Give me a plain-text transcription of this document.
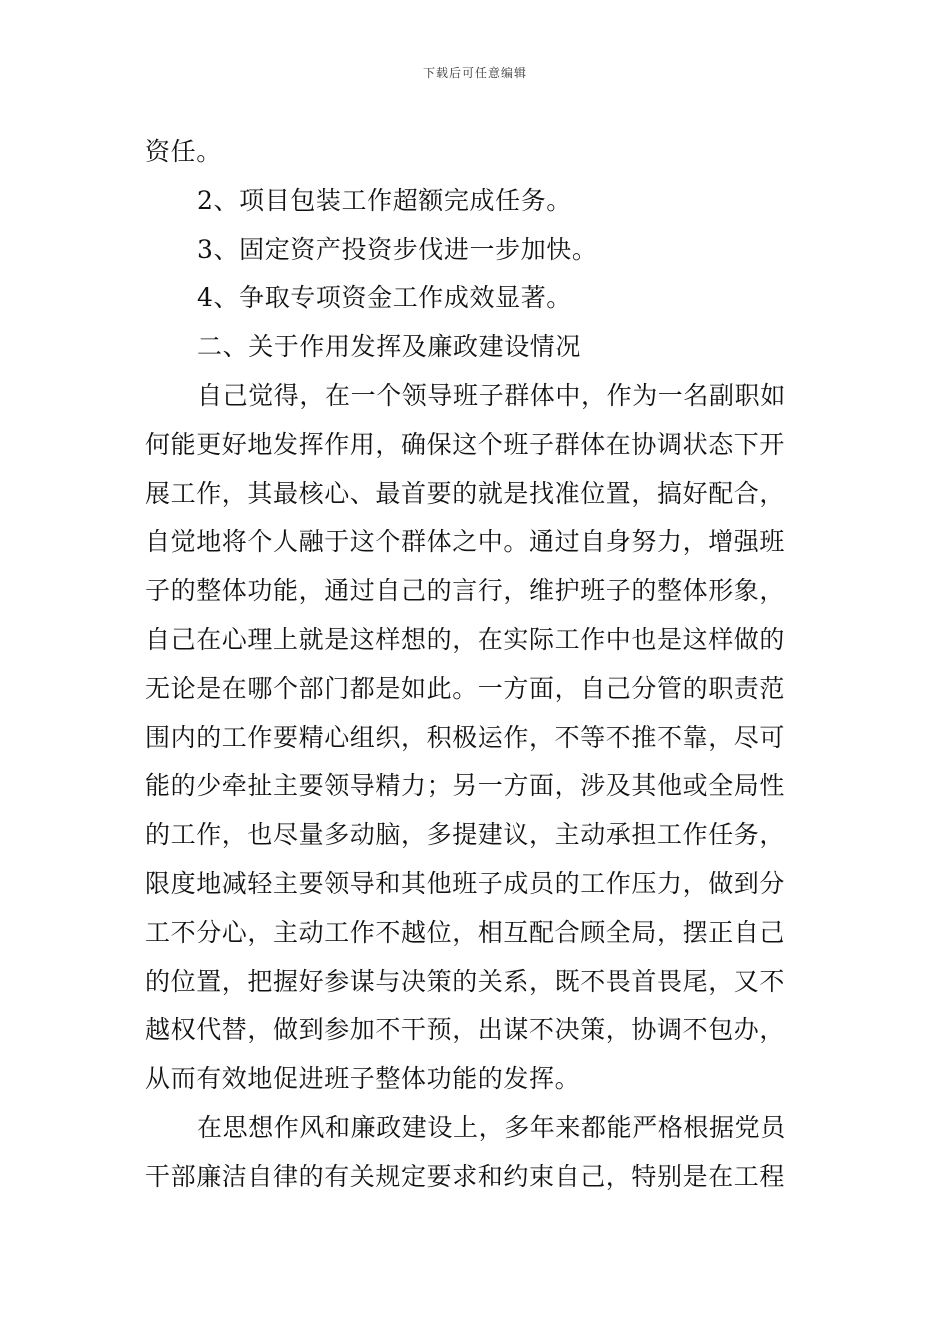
下载后可任意编辑
资任。
2、项目包装工作超额完成任务。
3、固定资产投资步伐进一步加快。
4、争取专项资金工作成效显著。
二、关于作用发挥及廉政建设情况
自己觉得，在一个领导班子群体中，作为一名副职如
何能更好地发挥作用，确保这个班子群体在协调状态下开
展工作，其最核心、最首要的就是找准位置，搞好配合，
自觉地将个人融于这个群体之中。通过自身努力，增强班
子的整体功能，通过自己的言行，维护班子的整体形象，
自己在心理上就是这样想的，在实际工作中也是这样做的
无论是在哪个部门都是如此。一方面，自己分管的职责范
围内的工作要精心组织，积极运作，不等不推不靠，尽可
能的少牵扯主要领导精力；另一方面，涉及其他或全局性
的工作，也尽量多动脑，多提建议，主动承担工作任务，
限度地减轻主要领导和其他班子成员的工作压力，做到分
工不分心，主动工作不越位，相互配合顾全局，摆正自己
的位置，把握好参谋与决策的关系，既不畏首畏尾，又不
越权代替，做到参加不干预，出谋不决策，协调不包办，
从而有效地促进班子整体功能的发挥。
在思想作风和廉政建设上，多年来都能严格根据党员
干部廉洁自律的有关规定要求和约束自己，特别是在工程
